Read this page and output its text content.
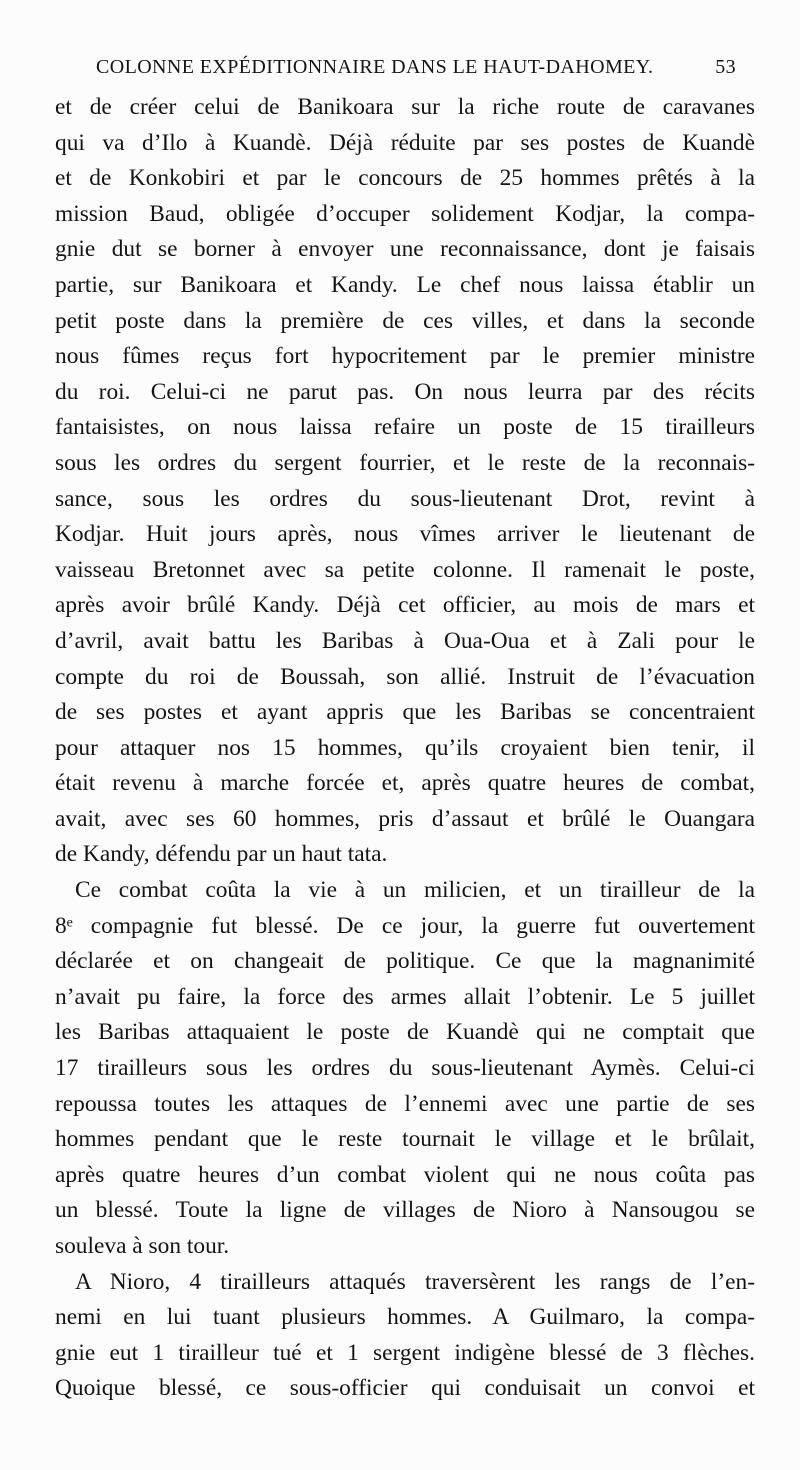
COLONNE EXPÉDITIONNAIRE DANS LE HAUT-DAHOMEY.	53
et de créer celui de Banikoara sur la riche route de caravanes
qui va d’Ilo à Kuandè. Déjà réduite par ses postes de Kuandè
et de Konkobiri et par le concours de 25 hommes prêtés à la
mission Baud, obligée d’occuper solidement Kodjar, la compa-
gnie dut se borner à envoyer une reconnaissance, dont je faisais
partie, sur Banikoara et Kandy. Le chef nous laissa établir un
petit poste dans la première de ces villes, et dans la seconde
nous fûmes reçus fort hypocritement par le premier ministre
du roi. Celui-ci ne parut pas. On nous leurra par des récits
fantaisistes, on nous laissa refaire un poste de 15 tirailleurs
sous les ordres du sergent fourrier, et le reste de la reconnais-
sance, sous les ordres du sous-lieutenant Drot, revint à
Kodjar. Huit jours après, nous vîmes arriver le lieutenant de
vaisseau Bretonnet avec sa petite colonne. Il ramenait le poste,
après avoir brûlé Kandy. Déjà cet officier, au mois de mars et
d’avril, avait battu les Baribas à Oua-Oua et à Zali pour le
compte du roi de Boussah, son allié. Instruit de l’évacuation
de ses postes et ayant appris que les Baribas se concentraient
pour attaquer nos 15 hommes, qu’ils croyaient bien tenir, il
était revenu à marche forcée et, après quatre heures de combat,
avait, avec ses 60 hommes, pris d’assaut et brûlé le Ouangara
de Kandy, défendu par un haut tata.
Ce combat coûta la vie à un milicien, et un tirailleur de la
8ᵉ compagnie fut blessé. De ce jour, la guerre fut ouvertement
déclarée et on changeait de politique. Ce que la magnanimité
n’avait pu faire, la force des armes allait l’obtenir. Le 5 juillet
les Baribas attaquaient le poste de Kuandè qui ne comptait que
17 tirailleurs sous les ordres du sous-lieutenant Aymès. Celui-ci
repoussa toutes les attaques de l’ennemi avec une partie de ses
hommes pendant que le reste tournait le village et le brûlait,
après quatre heures d’un combat violent qui ne nous coûta pas
un blessé. Toute la ligne de villages de Nioro à Nansougou se
souleva à son tour.
A Nioro, 4 tirailleurs attaqués traversèrent les rangs de l’en-
nemi en lui tuant plusieurs hommes. A Guilmaro, la compa-
gnie eut 1 tirailleur tué et 1 sergent indigène blessé de 3 flèches.
Quoique blessé, ce sous-officier qui conduisait un convoi et
